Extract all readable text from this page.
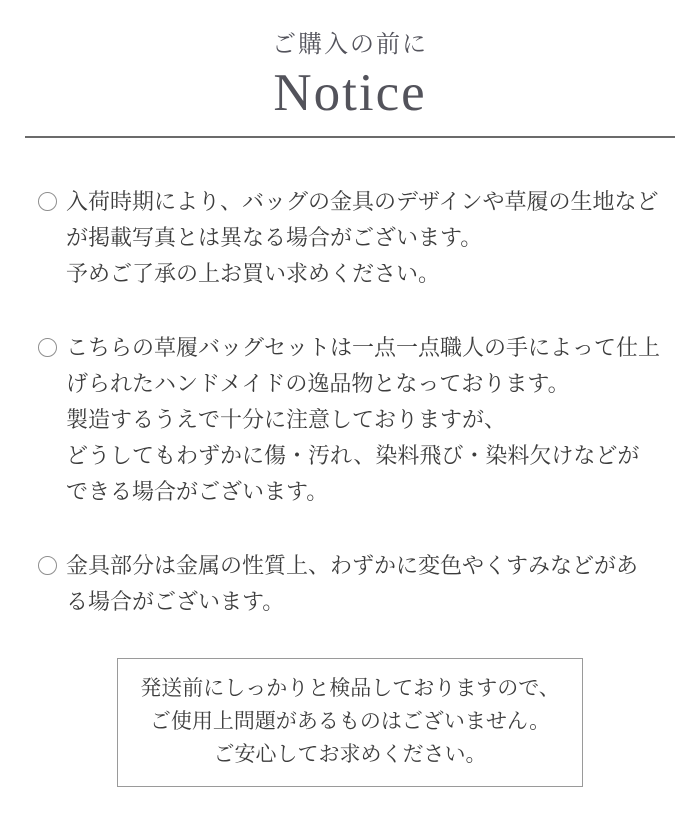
ご購入の前に
Notice
入荷時期により、バッグの金具のデザインや草履の生地など
が掲載写真とは異なる場合がございます。
予めご了承の上お買い求めください。
こちらの草履バッグセットは一点一点職人の手によって仕上
げられたハンドメイドの逸品物となっております。
製造するうえで十分に注意しておりますが、
どうしてもわずかに傷・汚れ、染料飛び・染料欠けなどが
できる場合がございます。
金具部分は金属の性質上、わずかに変色やくすみなどがあ
る場合がございます。
発送前にしっかりと検品しておりますので、
ご使用上問題があるものはございません。
ご安心してお求めください。
